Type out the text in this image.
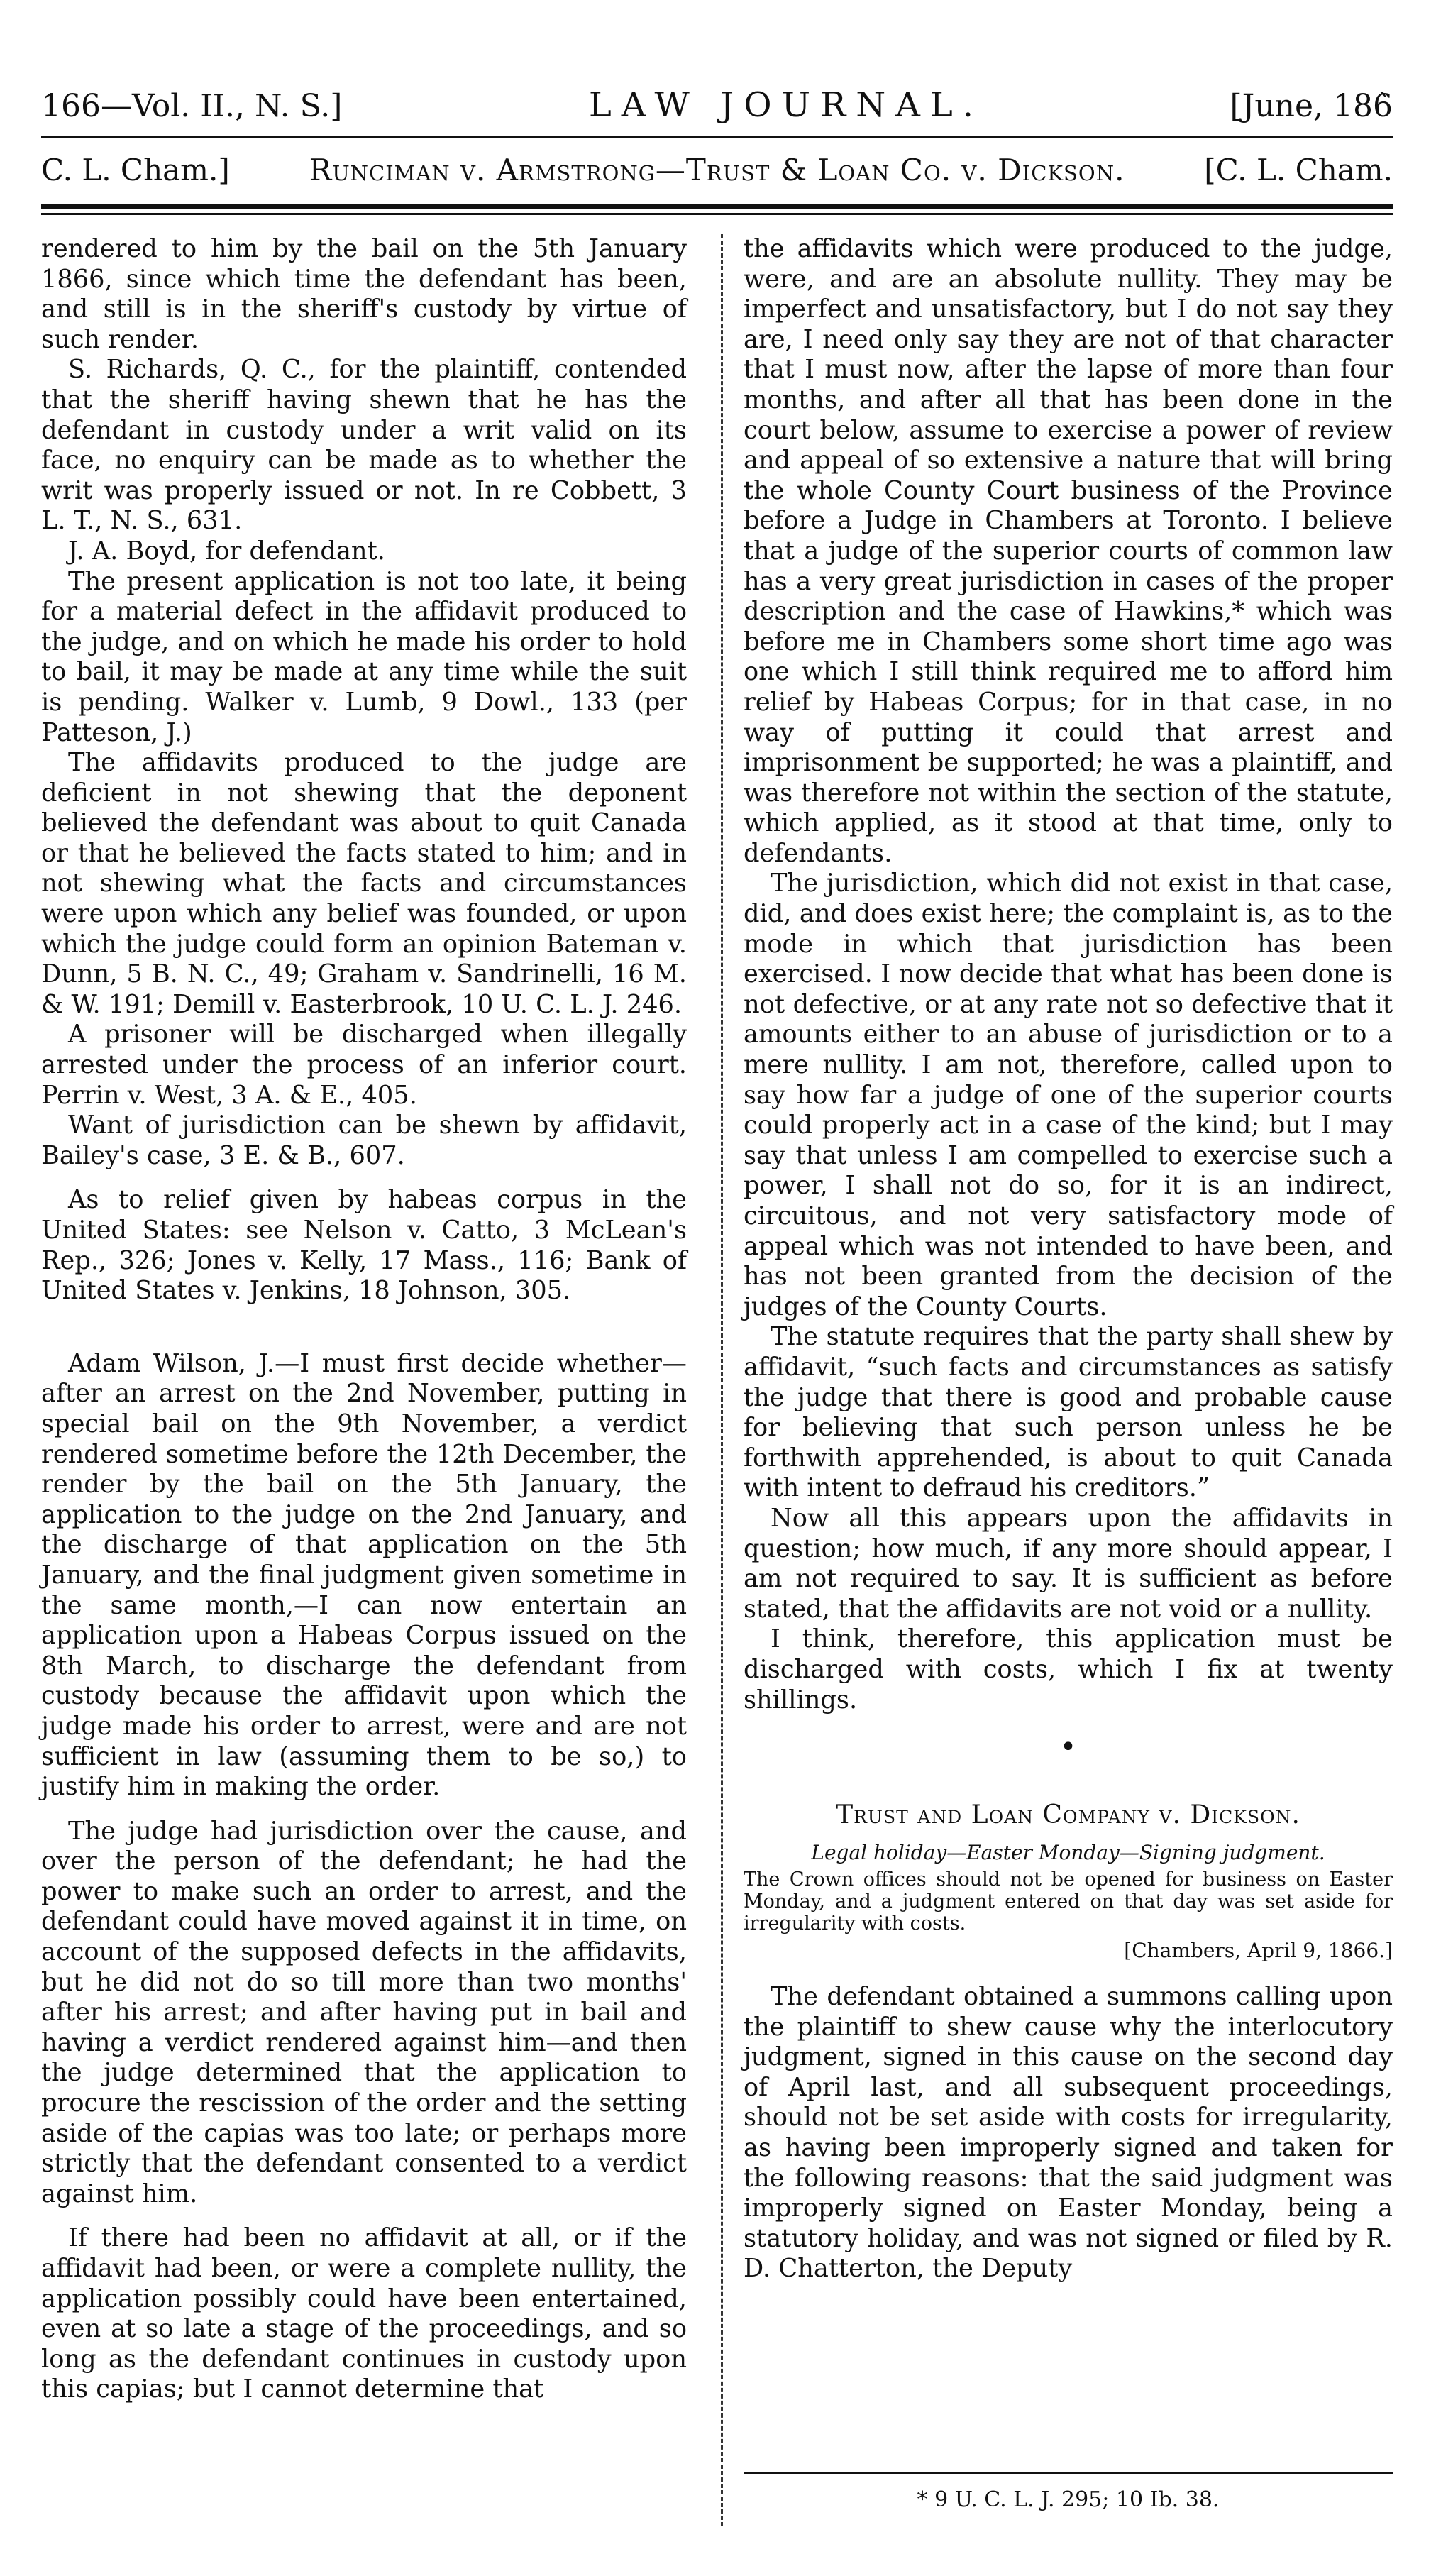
166—Vol. II., N. S.]	LAW JOURNAL.	[June, 186̀
C. L. Cham.]	Runciman v. Armstrong—Trust & Loan Co. v. Dickson.	[C. L. Cham.

rendered to him by the bail on the 5th January 1866, since which time the defendant has been, and still is in the sheriff's custody by virtue of such render.

S. Richards, Q. C., for the plaintiff, contended that the sheriff having shewn that he has the defendant in custody under a writ valid on its face, no enquiry can be made as to whether the writ was properly issued or not. In re Cobbett, 3 L. T., N. S., 631.

J. A. Boyd, for defendant.

The present application is not too late, it being for a material defect in the affidavit produced to the judge, and on which he made his order to hold to bail, it may be made at any time while the suit is pending. Walker v. Lumb, 9 Dowl., 133 (per Patteson, J.)

The affidavits produced to the judge are deficient in not shewing that the deponent believed the defendant was about to quit Canada or that he believed the facts stated to him; and in not shewing what the facts and circumstances were upon which any belief was founded, or upon which the judge could form an opinion Bateman v. Dunn, 5 B. N. C., 49; Graham v. Sandrinelli, 16 M. & W. 191; Demill v. Easterbrook, 10 U. C. L. J. 246.

A prisoner will be discharged when illegally arrested under the process of an inferior court. Perrin v. West, 3 A. & E., 405.

Want of jurisdiction can be shewn by affidavit, Bailey's case, 3 E. & B., 607.

As to relief given by habeas corpus in the United States: see Nelson v. Catto, 3 McLean's Rep., 326; Jones v. Kelly, 17 Mass., 116; Bank of United States v. Jenkins, 18 Johnson, 305.

Adam Wilson, J.—I must first decide whether—after an arrest on the 2nd November, putting in special bail on the 9th November, a verdict rendered sometime before the 12th December, the render by the bail on the 5th January, the application to the judge on the 2nd January, and the discharge of that application on the 5th January, and the final judgment given sometime in the same month,—I can now entertain an application upon a Habeas Corpus issued on the 8th March, to discharge the defendant from custody because the affidavit upon which the judge made his order to arrest, were and are not sufficient in law (assuming them to be so,) to justify him in making the order.

The judge had jurisdiction over the cause, and over the person of the defendant; he had the power to make such an order to arrest, and the defendant could have moved against it in time, on account of the supposed defects in the affidavits, but he did not do so till more than two months' after his arrest; and after having put in bail and having a verdict rendered against him—and then the judge determined that the application to procure the rescission of the order and the setting aside of the capias was too late; or perhaps more strictly that the defendant consented to a verdict against him.

If there had been no affidavit at all, or if the affidavit had been, or were a complete nullity, the application possibly could have been entertained, even at so late a stage of the proceedings, and so long as the defendant continues in custody upon this capias; but I cannot determine that

the affidavits which were produced to the judge, were, and are an absolute nullity. They may be imperfect and unsatisfactory, but I do not say they are, I need only say they are not of that character that I must now, after the lapse of more than four months, and after all that has been done in the court below, assume to exercise a power of review and appeal of so extensive a nature that will bring the whole County Court business of the Province before a Judge in Chambers at Toronto. I believe that a judge of the superior courts of common law has a very great jurisdiction in cases of the proper description and the case of Hawkins,* which was before me in Chambers some short time ago was one which I still think required me to afford him relief by Habeas Corpus; for in that case, in no way of putting it could that arrest and imprisonment be supported; he was a plaintiff, and was therefore not within the section of the statute, which applied, as it stood at that time, only to defendants.

The jurisdiction, which did not exist in that case, did, and does exist here; the complaint is, as to the mode in which that jurisdiction has been exercised. I now decide that what has been done is not defective, or at any rate not so defective that it amounts either to an abuse of jurisdiction or to a mere nullity. I am not, therefore, called upon to say how far a judge of one of the superior courts could properly act in a case of the kind; but I may say that unless I am compelled to exercise such a power, I shall not do so, for it is an indirect, circuitous, and not very satisfactory mode of appeal which was not intended to have been, and has not been granted from the decision of the judges of the County Courts.

The statute requires that the party shall shew by affidavit, “such facts and circumstances as satisfy the judge that there is good and probable cause for believing that such person unless he be forthwith apprehended, is about to quit Canada with intent to defraud his creditors.”

Now all this appears upon the affidavits in question; how much, if any more should appear, I am not required to say. It is sufficient as before stated, that the affidavits are not void or a nullity.

I think, therefore, this application must be discharged with costs, which I fix at twenty shillings.

•
Trust and Loan Company v. Dickson.
Legal holiday—Easter Monday—Signing judgment.
The Crown offices should not be opened for business on Easter Monday, and a judgment entered on that day was set aside for irregularity with costs.
[Chambers, April 9, 1866.]

The defendant obtained a summons calling upon the plaintiff to shew cause why the interlocutory judgment, signed in this cause on the second day of April last, and all subsequent proceedings, should not be set aside with costs for irregularity, as having been improperly signed and taken for the following reasons: that the said judgment was improperly signed on Easter Monday, being a statutory holiday, and was not signed or filed by R. D. Chatterton, the Deputy

* 9 U. C. L. J. 295; 10 Ib. 38.
